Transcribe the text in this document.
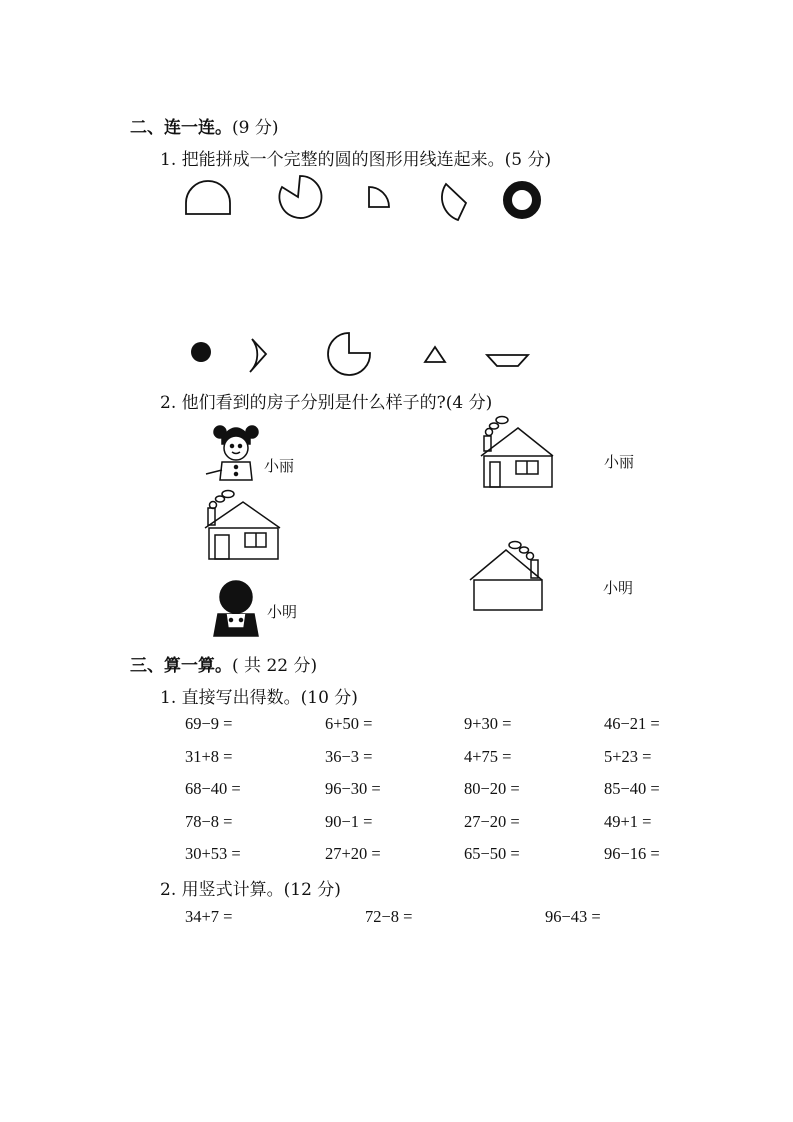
二、连一连。(9 分)
1. 把能拼成一个完整的圆的图形用线连起来。(5 分)
2. 他们看到的房子分别是什么样子的?(4 分)
小丽	小丽
小明
小明
三、算一算。( 共 22 分)
1. 直接写出得数。(10 分)
69−9 =	6+50 =	9+30 =	46−21 =
31+8 =	36−3 =	4+75 =	5+23 =
68−40 =	96−30 =	80−20 =	85−40 =
78−8 =	90−1 =	27−20 =	49+1 =
30+53 =	27+20 =	65−50 =	96−16 =
2. 用竖式计算。(12 分)
34+7 =	72−8 =	96−43 =
